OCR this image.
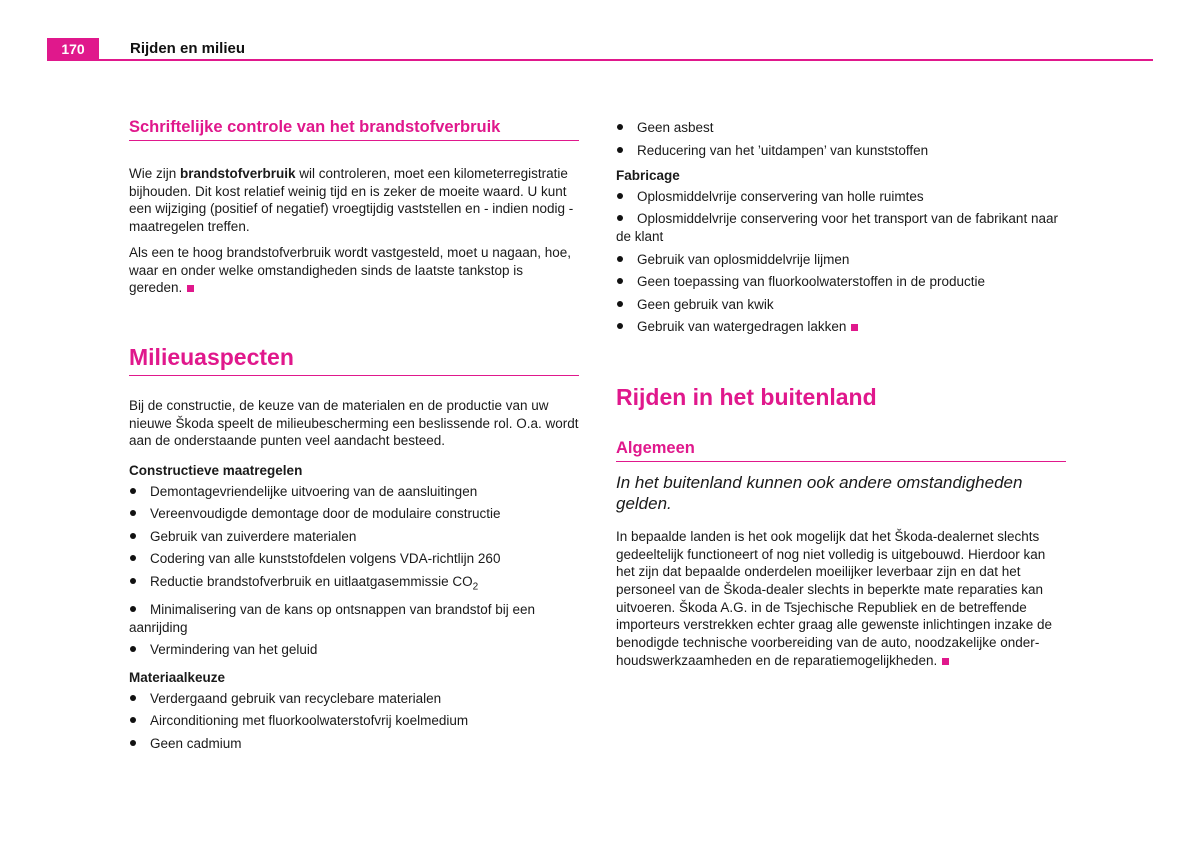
170	Rijden en milieu
Schriftelijke controle van het brandstofverbruik

Wie zijn brandstofverbruik wil controleren, moet een kilometerregistratie bijhouden. Dit kost relatief weinig tijd en is zeker de moeite waard. U kunt een wijziging (positief of negatief) vroegtijdig vaststellen en - indien nodig - maatregelen treffen.

Als een te hoog brandstofverbruik wordt vastgesteld, moet u nagaan, hoe, waar en onder welke omstandigheden sinds de laatste tankstop is gereden.

Milieuaspecten

Bij de constructie, de keuze van de materialen en de productie van uw nieuwe Škoda speelt de milieubescherming een beslissende rol. O.a. wordt aan de onderstaande punten veel aandacht besteed.

Constructieve maatregelen
Demontagevriendelijke uitvoering van de aansluitingen
Vereenvoudigde demontage door de modulaire constructie
Gebruik van zuiverdere materialen
Codering van alle kunststofdelen volgens VDA-richtlijn 260
Reductie brandstofverbruik en uitlaatgasemmissie $CO_2$
Minimalisering van de kans op ontsnappen van brandstof bij een aanrijding
Vermindering van het geluid
Materiaalkeuze
Verdergaand gebruik van recyclebare materialen
Airconditioning met fluorkoolwaterstofvrij koelmedium
Geen cadmium
Geen asbest
Reducering van het ’uitdampen’ van kunststoffen
Fabricage
Oplosmiddelvrije conservering van holle ruimtes
Oplosmiddelvrije conservering voor het transport van de fabrikant naar de klant
Gebruik van oplosmiddelvrije lijmen
Geen toepassing van fluorkoolwaterstoffen in de productie
Geen gebruik van kwik
Gebruik van watergedragen lakken
Rijden in het buitenland
Algemeen
In het buitenland kunnen ook andere omstandigheden gelden.

In bepaalde landen is het ook mogelijk dat het Škoda-dealernet slechts gedeeltelijk functioneert of nog niet volledig is uitgebouwd. Hierdoor kan het zijn dat bepaalde onderdelen moeilijker leverbaar zijn en dat het personeel van de Škoda-dealer slechts in beperkte mate reparaties kan uitvoeren. Škoda A.G. in de Tsjechische Republiek en de betreffende importeurs verstrekken echter graag alle gewenste inlichtingen inzake de benodigde technische voorbereiding van de auto, noodzakelijke onderhoudswerkzaamheden en de reparatiemogelijkheden.
